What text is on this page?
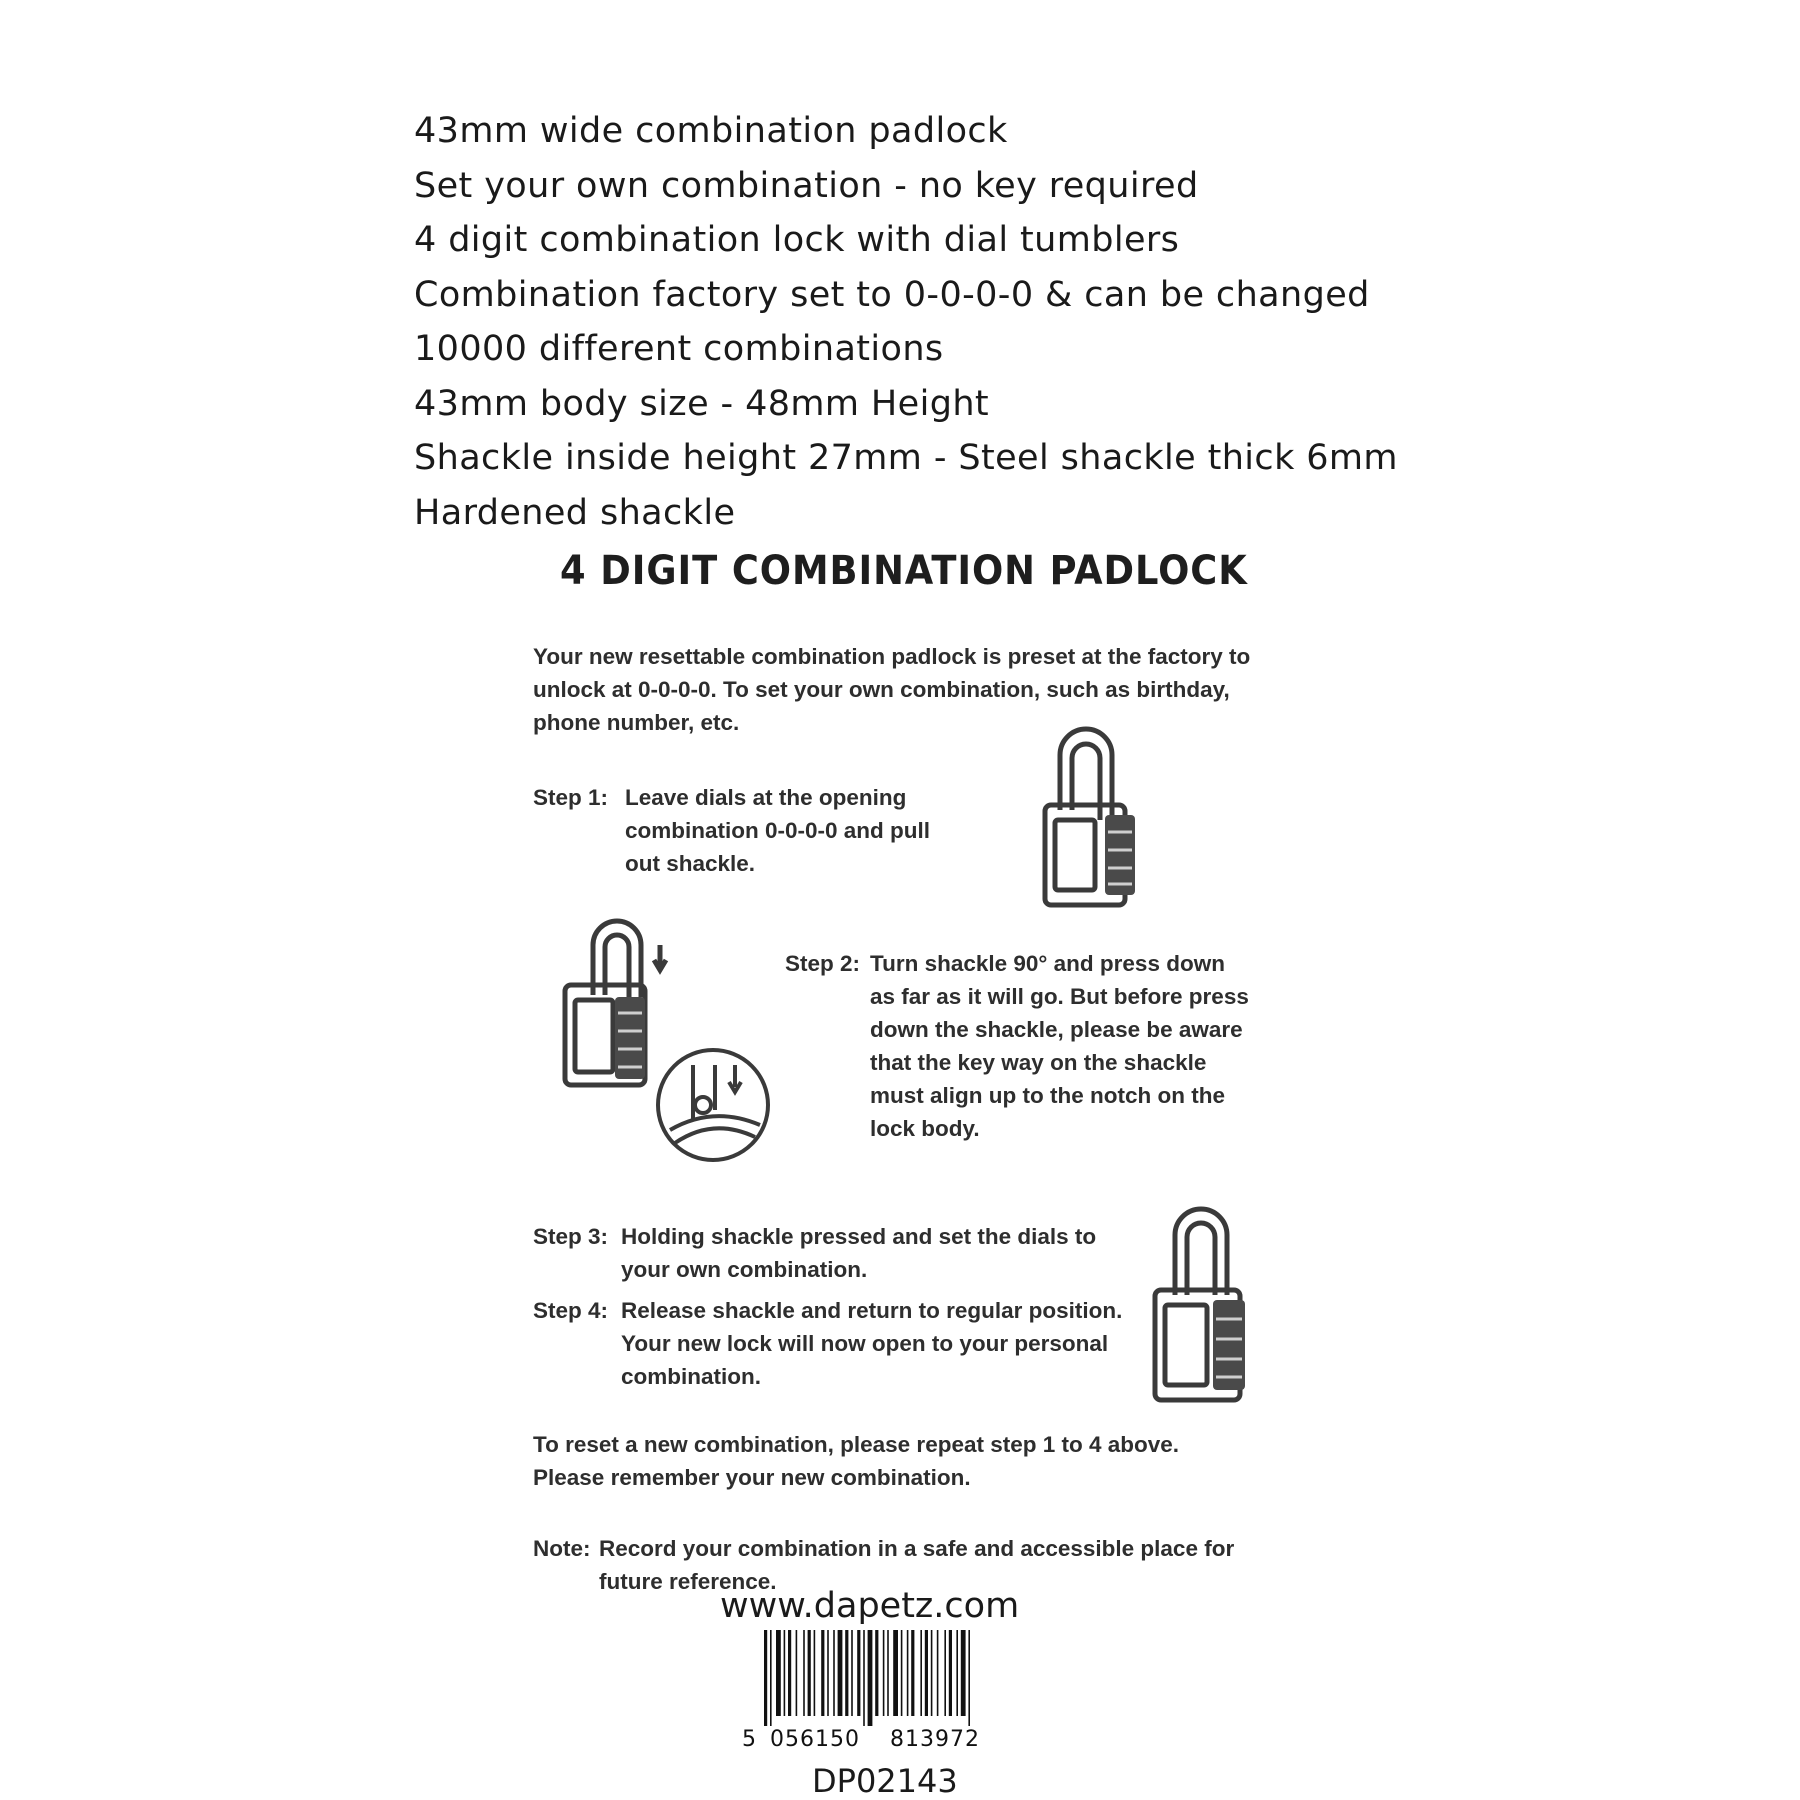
43mm wide combination padlock
Set your own combination - no key required
4 digit combination lock with dial tumblers
Combination factory set to 0-0-0-0 & can be changed
10000 different combinations
43mm body size - 48mm Height
Shackle inside height 27mm - Steel shackle thick 6mm
Hardened shackle
4 DIGIT COMBINATION PADLOCK
Your new resettable combination padlock is preset at the factory to unlock at 0-0-0-0. To set your own combination, such as birthday, phone number, etc.
Step 1: Leave dials at the opening combination 0-0-0-0 and pull out shackle.
Step 2: Turn shackle 90° and press down as far as it will go. But before press down the shackle, please be aware that the key way on the shackle must align up to the notch on the lock body.
Step 3: Holding shackle pressed and set the dials to your own combination.
Step 4: Release shackle and return to regular position. Your new lock will now open to your personal combination.
To reset a new combination, please repeat step 1 to 4 above. Please remember your new combination.
Note: Record your combination in a safe and accessible place for future reference.
www.dapetz.com
5 056150 813972
DP02143
